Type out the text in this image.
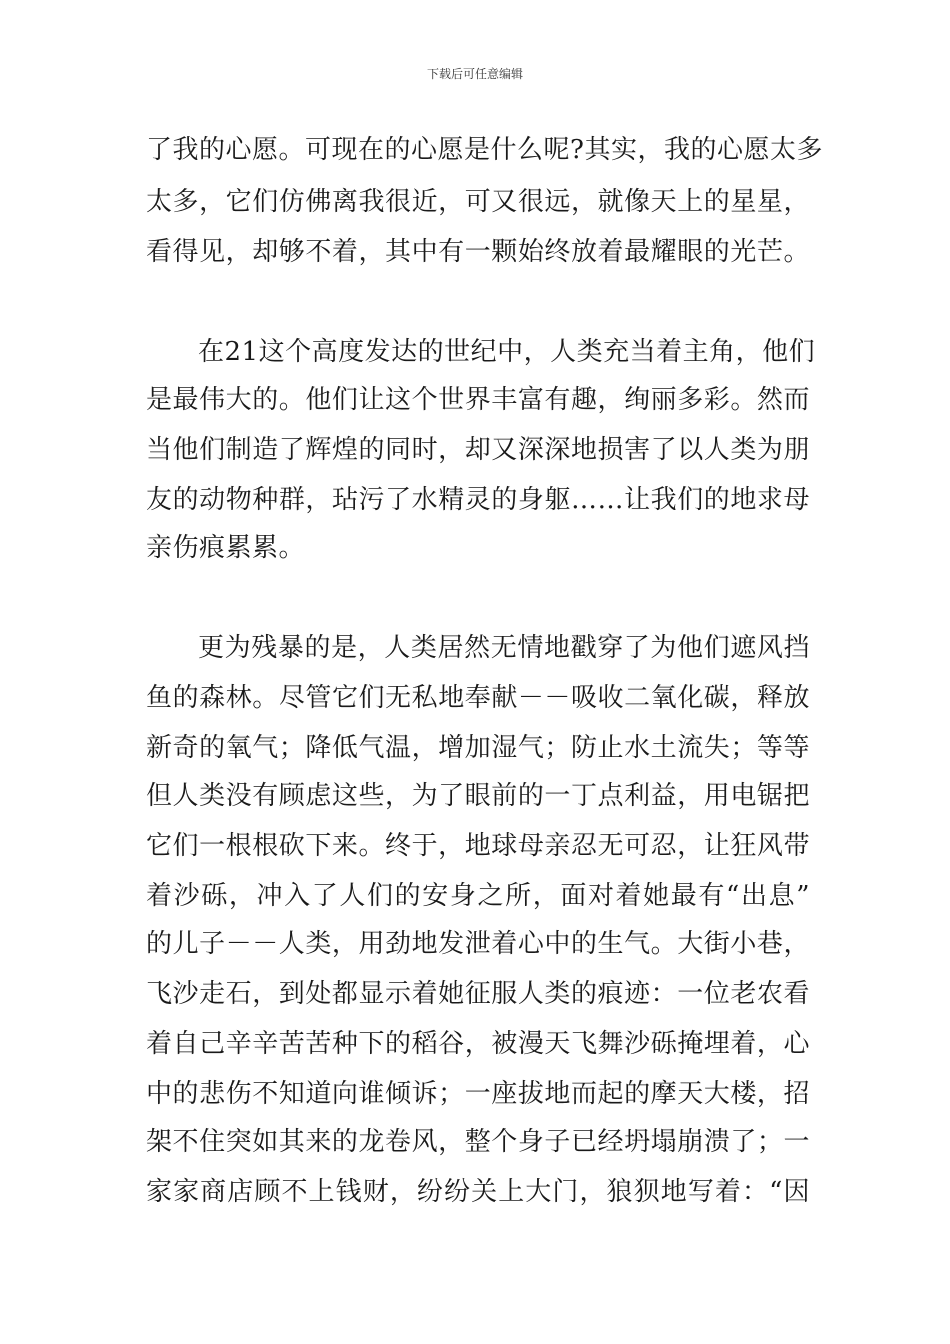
下载后可任意编辑
了我的心愿。可现在的心愿是什么呢?其实，我的心愿太多
太多，它们仿佛离我很近，可又很远，就像天上的星星，
看得见，却够不着，其中有一颗始终放着最耀眼的光芒。
在21这个高度发达的世纪中，人类充当着主角，他们
是最伟大的。他们让这个世界丰富有趣，绚丽多彩。然而
当他们制造了辉煌的同时，却又深深地损害了以人类为朋
友的动物种群，玷污了水精灵的身躯……让我们的地求母
亲伤痕累累。
更为残暴的是，人类居然无情地戳穿了为他们遮风挡
鱼的森林。尽管它们无私地奉献－－吸收二氧化碳，释放
新奇的氧气；降低气温，增加湿气；防止水土流失；等等
但人类没有顾虑这些，为了眼前的一丁点利益，用电锯把
它们一根根砍下来。终于，地球母亲忍无可忍，让狂风带
着沙砾，冲入了人们的安身之所，面对着她最有“出息”
的儿子－－人类，用劲地发泄着心中的生气。大街小巷，
飞沙走石，到处都显示着她征服人类的痕迹：一位老农看
着自己辛辛苦苦种下的稻谷，被漫天飞舞沙砾掩埋着，心
中的悲伤不知道向谁倾诉；一座拔地而起的摩天大楼，招
架不住突如其来的龙卷风，整个身子已经坍塌崩溃了；一
家家商店顾不上钱财，纷纷关上大门，狼狈地写着：“因
